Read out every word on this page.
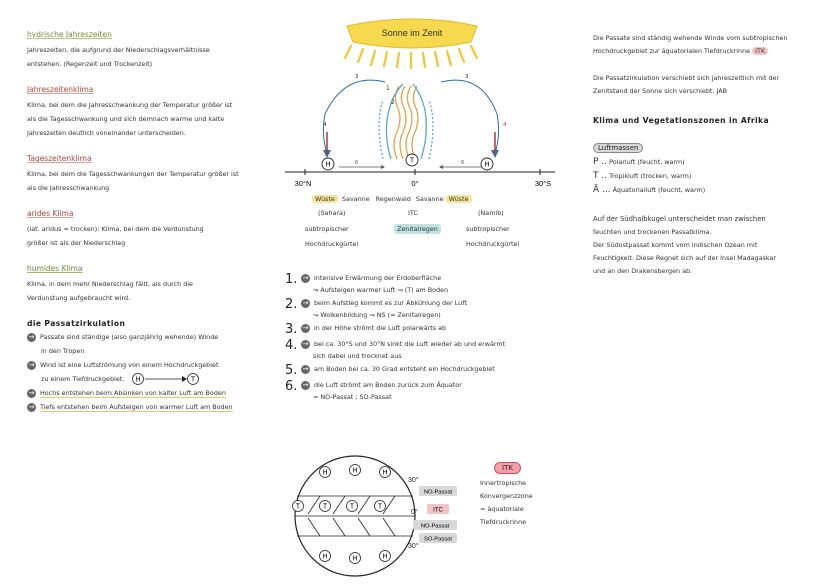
hydrische Jahreszeiten
Jahreszeiten, die aufgrund der Niederschlagsverhältnisse
entstehen. (Regenzeit und Trockenzeit)
Jahreszeitenklima
Klima, bei dem die Jahresschwankung der Temperatur größer ist
als die Tagesschwankung und sich demnach warme und kalte
Jahreszeiten deutlich voneinander unterscheiden.
Tageszeitenklima
Klima, bei dem die Tagesschwankungen der Temperatur größer ist
als die Jahresschwankung
arides Klima
(lat. aridus = trocken): Klima, bei dem die Verdunstung
größer ist als der Niederschlag
humides Klima
Klima, in dem mehr Niederschlag fällt, als durch die
Verdunstung aufgebraucht wird.
die Passatzirkulation
→ Passate sind ständige (also ganzjährig wehende) Winde
in den Tropen
→ Wind ist eine Luftströmung von einem Hochdruckgebiet
zu einem Tiefdruckgebiet. H	T
→ Hochs entstehen beim Absinken von kalter Luft am Boden
→ Tiefs entstehen beim Aufsteigen von warmer Luft am Boden
Sonne im Zenit
2
1
3	3
4	4
6	6
H
T
H
30°N	0°	30°S
Wüste Savanne Regenwald Savanne Wüste
(Sahara)	ITC	(Namib)
subtropischer	Zenitalregen	subtropischer
Hochdruckgürtel	Hochdruckgürtel
1. → intensive Erwärmung der Erdoberfläche
↝ Aufsteigen warmer Luft ↝ (T) am Boden
2. → beim Aufstieg kommt es zur Abkühlung der Luft
↝ Wolkenbildung ↝ NS (= Zenitalregen)
3. → in der Höhe strömt die Luft polarwärts ab
4. → bei ca. 30°S und 30°N sinkt die Luft wieder ab und erwärmt
sich dabei und trocknet aus
5. → am Boden bei ca. 30 Grad entsteht ein Hochdruckgebiet
6. → die Luft strömt am Boden zurück zum Äquator
= NO-Passat ; SO-Passat
H	H	H
T	T	T	T
H	H	H
30°
0°
30°
NO-Passat
ITC
NO-Passat
SO-Passat
ITK
Innertropische
Konvergenzzone
= äquatoriale
Tiefdruckrinne
Die Passate sind ständig wehende Winde vom subtropischen
Hochdruckgebiet zur äquatorialen Tiefdruckrinne ITK
Die Passatzirkulation verschiebt sich jahreszeitlich mit der
Zenitstand der Sonne sich verschiebt. JAB
Klima und Vegetationszonen in Afrika
Luftmassen
P .. Polarluft (feucht, warm)
T .. Tropikluft (trocken, warm)
Ä ... Äquatorialluft (feucht, warm)
Auf der Südhalbkugel unterscheidet man zwischen
feuchten und trockenen Passatklima.
Der Südostpassat kommt vom Indischen Ozean mit
Feuchtigkeit. Diese Regnet sich auf der Insel Madagaskar
und an den Drakensbergen ab.
